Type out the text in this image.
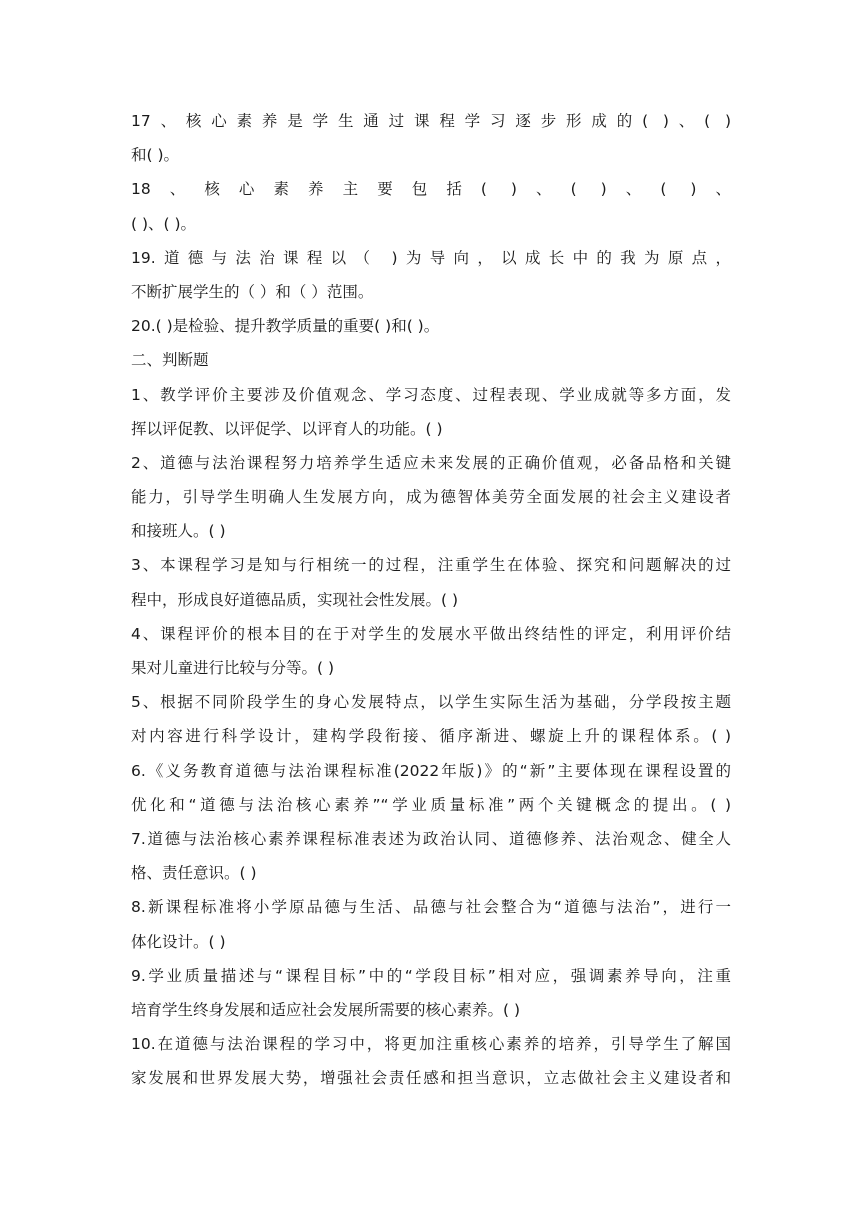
17、核心素养是学生通过课程学习逐步形成的( )、( )
和( )。
18、核心素养主要包括( )、( )、( )、
( )、( )。
19.道德与法治课程以（ )为导向，以成长中的我为原点，
不断扩展学生的（ ）和（ ）范围。
20.( )是检验、提升教学质量的重要( )和( )。
二、判断题
1、教学评价主要涉及价值观念、学习态度、过程表现、学业成就等多方面，发
挥以评促教、以评促学、以评育人的功能。( )
2、道德与法治课程努力培养学生适应未来发展的正确价值观，必备品格和关键
能力，引导学生明确人生发展方向，成为德智体美劳全面发展的社会主义建设者
和接班人。( )
3、本课程学习是知与行相统一的过程，注重学生在体验、探究和问题解决的过
程中，形成良好道德品质，实现社会性发展。( )
4、课程评价的根本目的在于对学生的发展水平做出终结性的评定，利用评价结
果对儿童进行比较与分等。( )
5、根据不同阶段学生的身心发展特点，以学生实际生活为基础，分学段按主题
对内容进行科学设计，建构学段衔接、循序渐进、螺旋上升的课程体系。( )
6.《义务教育道德与法治课程标准(2022年版)》的“新”主要体现在课程设置的
优化和“道德与法治核心素养”“学业质量标准”两个关键概念的提出。( )
7.道德与法治核心素养课程标准表述为政治认同、道德修养、法治观念、健全人
格、责任意识。( )
8.新课程标准将小学原品德与生活、品德与社会整合为“道德与法治”，进行一
体化设计。( )
9.学业质量描述与“课程目标”中的“学段目标”相对应，强调素养导向，注重
培育学生终身发展和适应社会发展所需要的核心素养。( )
10.在道德与法治课程的学习中，将更加注重核心素养的培养，引导学生了解国
家发展和世界发展大势，增强社会责任感和担当意识，立志做社会主义建设者和
